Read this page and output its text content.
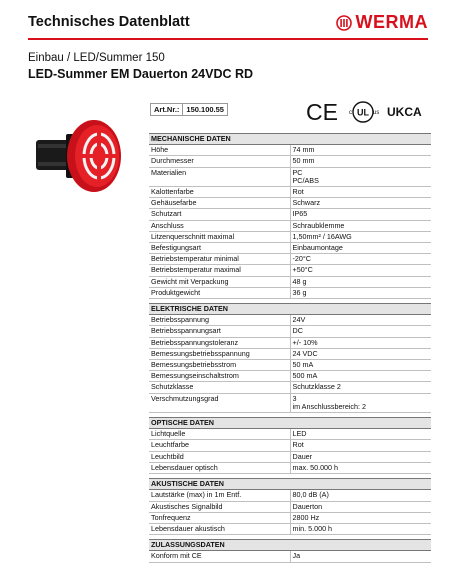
Technisches Datenblatt	WERMA
Einbau / LED/Summer 150
LED-Summer EM Dauerton 24VDC RD
Art.Nr.:	150.100.55	CE UL
c	us UK CA
MECHANISCHE DATEN	
Höhe	74 mm
Durchmesser	50 mm
Materialien	PC
PC/ABS
Kalottenfarbe	Rot
Gehäusefarbe	Schwarz
Schutzart	IP65
Anschluss	Schraubklemme
Litzenquerschnitt maximal	1,50mm² / 16AWG
Befestigungsart	Einbaumontage
Betriebstemperatur minimal	-20°C
Betriebstemperatur maximal	+50°C
Gewicht mit Verpackung	48 g
Produktgewicht	36 g

ELEKTRISCHE DATEN	
Betriebsspannung	24V
Betriebsspannungsart	DC
Betriebsspannungstoleranz	+/- 10%
Bemessungsbetriebsspannung	24 VDC
Bemessungsbetriebsstrom	50 mA
Bemessungseinschaltstrom	500 mA
Schutzklasse	Schutzklasse 2
Verschmutzungsgrad	3
im Anschlussbereich: 2

OPTISCHE DATEN	
Lichtquelle	LED
Leuchtfarbe	Rot
Leuchtbild	Dauer
Lebensdauer optisch	max. 50.000 h

AKUSTISCHE DATEN	
Lautstärke (max) in 1m Entf.	80,0 dB (A)
Akustisches Signalbild	Dauerton
Tonfrequenz	2800 Hz
Lebensdauer akustisch	min. 5.000 h

ZULASSUNGSDATEN	
Konform mit CE	Ja
